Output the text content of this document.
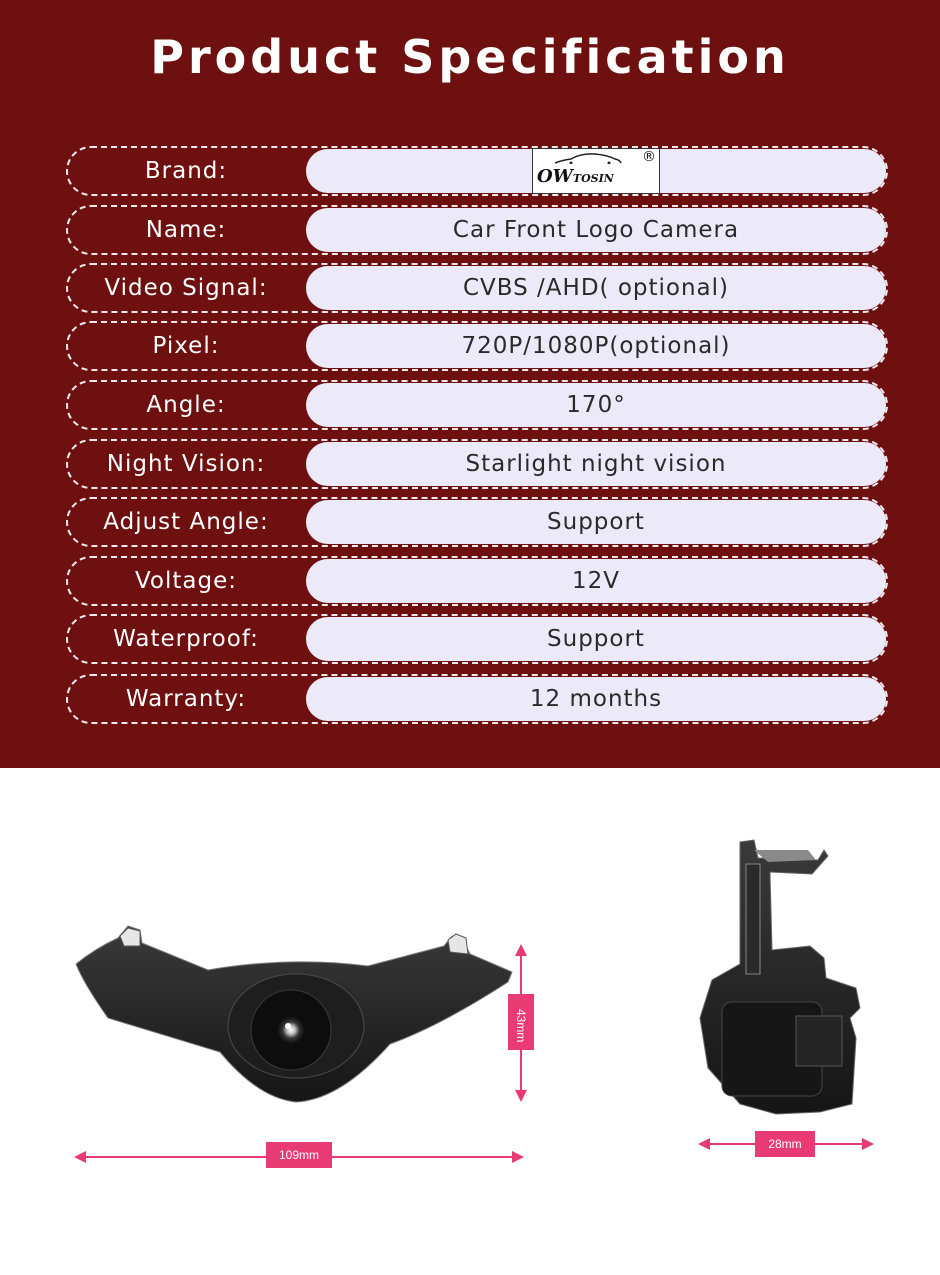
Product Specification
Brand:	OWTOSIN
®
Name:	Car Front Logo Camera
Video Signal:	CVBS /AHD( optional)
Pixel:	720P/1080P(optional)
Angle:	170°
Night Vision:	Starlight night vision
Adjust Angle:	Support
Voltage:	12V
Waterproof:	Support
Warranty:	12 months
43mm
109mm
28mm
